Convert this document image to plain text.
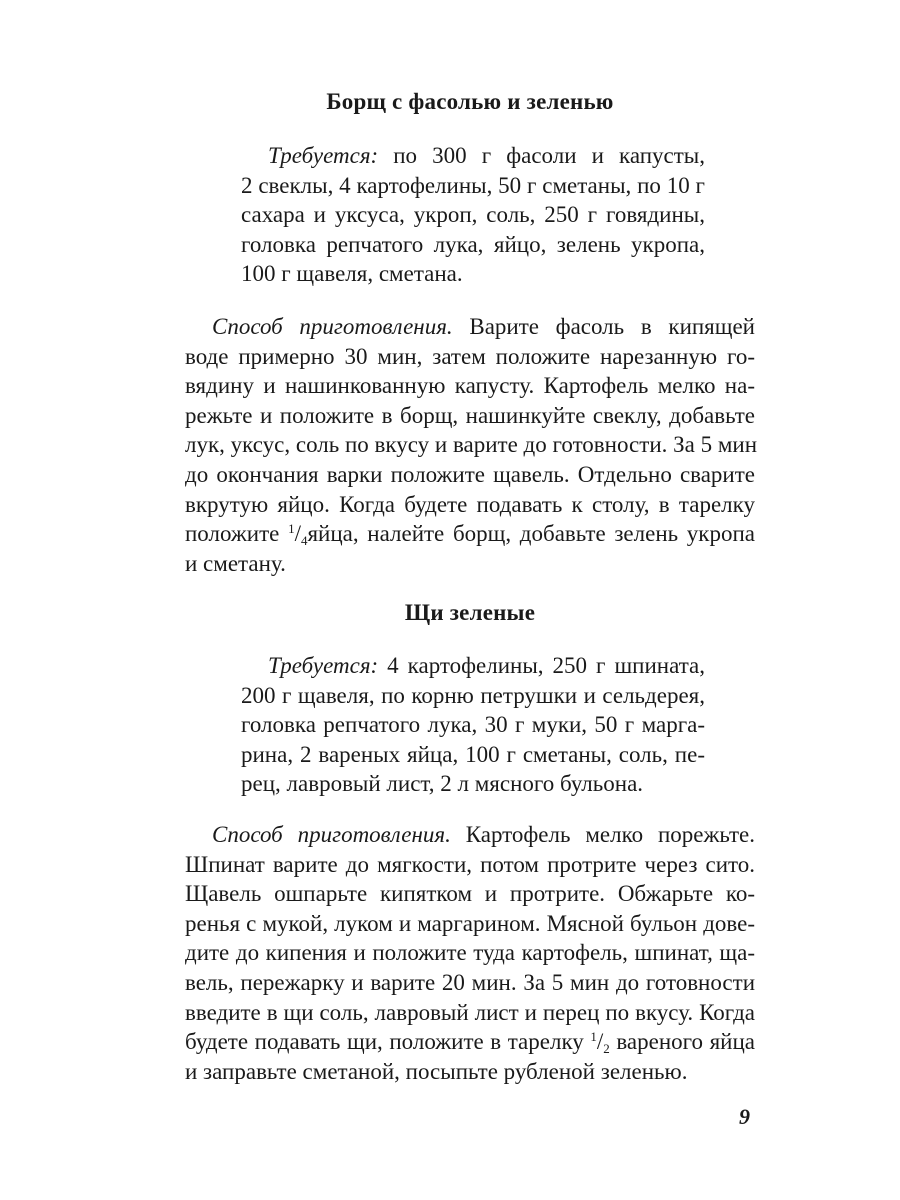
Борщ с фасолью и зеленью
Требуется: по 300 г фасоли и капусты,
2 свеклы, 4 картофелины, 50 г сметаны, по 10 г
сахара и уксуса, укроп, соль, 250 г говядины,
головка репчатого лука, яйцо, зелень укропа,
100 г щавеля, сметана.
Способ приготовления. Варите фасоль в кипящей
воде примерно 30 мин, затем положите нарезанную го-
вядину и нашинкованную капусту. Картофель мелко на-
режьте и положите в борщ, нашинкуйте свеклу, добавьте
лук, уксус, соль по вкусу и варите до готовности. За 5 мин
до окончания варки положите щавель. Отдельно сварите
вкрутую яйцо. Когда будете подавать к столу, в тарелку
положите $^1/_4яйца$, налейте борщ, добавьте зелень укропа
и сметану.
Щи зеленые
Требуется: 4 картофелины, 250 г шпината,
200 г щавеля, по корню петрушки и сельдерея,
головка репчатого лука, 30 г муки, 50 г марга-
рина, 2 вареных яйца, 100 г сметаны, соль, пе-
рец, лавровый лист, 2 л мясного бульона.
Способ приготовления. Картофель мелко порежьте.
Шпинат варите до мягкости, потом протрите через сито.
Щавель ошпарьте кипятком и протрите. Обжарьте ко-
ренья с мукой, луком и маргарином. Мясной бульон дове-
дите до кипения и положите туда картофель, шпинат, ща-
вель, пережарку и варите 20 мин. За 5 мин до готовности
введите в щи соль, лавровый лист и перец по вкусу. Когда
будете подавать щи, положите в тарелку $^1/_2$ вареного яйца
и заправьте сметаной, посыпьте рубленой зеленью.
9
